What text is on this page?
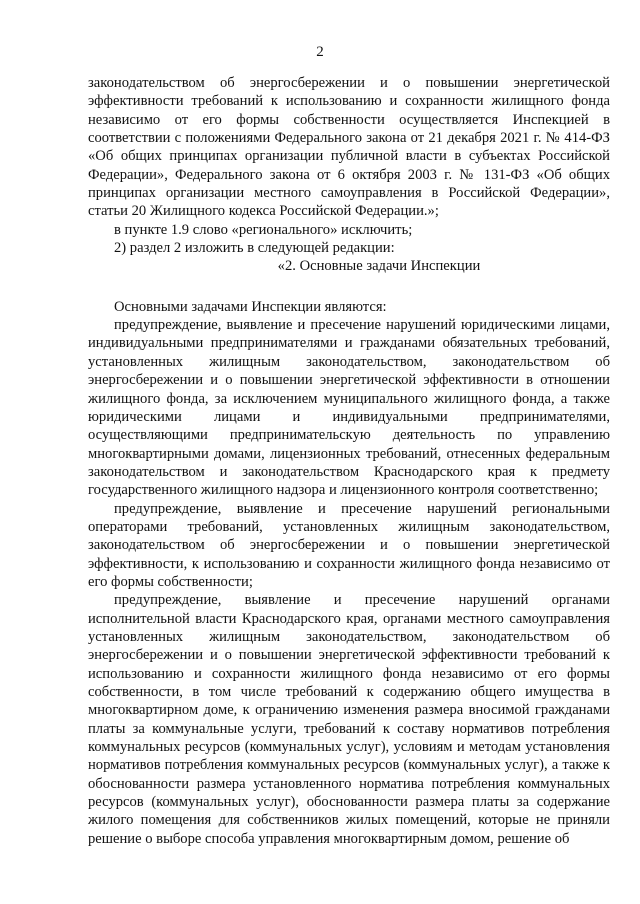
2

законодательством об энергосбережении и о повышении энергетической эффективности требований к использованию и сохранности жилищного фонда независимо от его формы собственности осуществляется Инспекцией в соответствии с положениями Федерального закона от 21 декабря 2021 г. № 414-ФЗ «Об общих принципах организации публичной власти в субъектах Российской Федерации», Федерального закона от 6 октября 2003 г. № 131-ФЗ «Об общих принципах организации местного самоуправления в Российской Федерации», статьи 20 Жилищного кодекса Российской Федерации.»;

в пункте 1.9 слово «регионального» исключить;

2) раздел 2 изложить в следующей редакции:

«2. Основные задачи Инспекции

Основными задачами Инспекции являются:

предупреждение, выявление и пресечение нарушений юридическими лицами, индивидуальными предпринимателями и гражданами обязательных требований, установленных жилищным законодательством, законодательством об энергосбережении и о повышении энергетической эффективности в отношении жилищного фонда, за исключением муниципального жилищного фонда, а также юридическими лицами и индивидуальными предпринимателями, осуществляющими предпринимательскую деятельность по управлению многоквартирными домами, лицензионных требований, отнесенных федеральным законодательством и законодательством Краснодарского края к предмету государственного жилищного надзора и лицензионного контроля соответственно;

предупреждение, выявление и пресечение нарушений региональными операторами требований, установленных жилищным законодательством, законодательством об энергосбережении и о повышении энергетической эффективности, к использованию и сохранности жилищного фонда независимо от его формы собственности;

предупреждение, выявление и пресечение нарушений органами исполнительной власти Краснодарского края, органами местного самоуправления установленных жилищным законодательством, законодательством об энергосбережении и о повышении энергетической эффективности требований к использованию и сохранности жилищного фонда независимо от его формы собственности, в том числе требований к содержанию общего имущества в многоквартирном доме, к ограничению изменения размера вносимой гражданами платы за коммунальные услуги, требований к составу нормативов потребления коммунальных ресурсов (коммунальных услуг), условиям и методам установления нормативов потребления коммунальных ресурсов (коммунальных услуг), а также к обоснованности размера установленного норматива потребления коммунальных ресурсов (коммунальных услуг), обоснованности размера платы за содержание жилого помещения для собственников жилых помещений, которые не приняли решение о выборе способа управления многоквартирным домом, решение об
